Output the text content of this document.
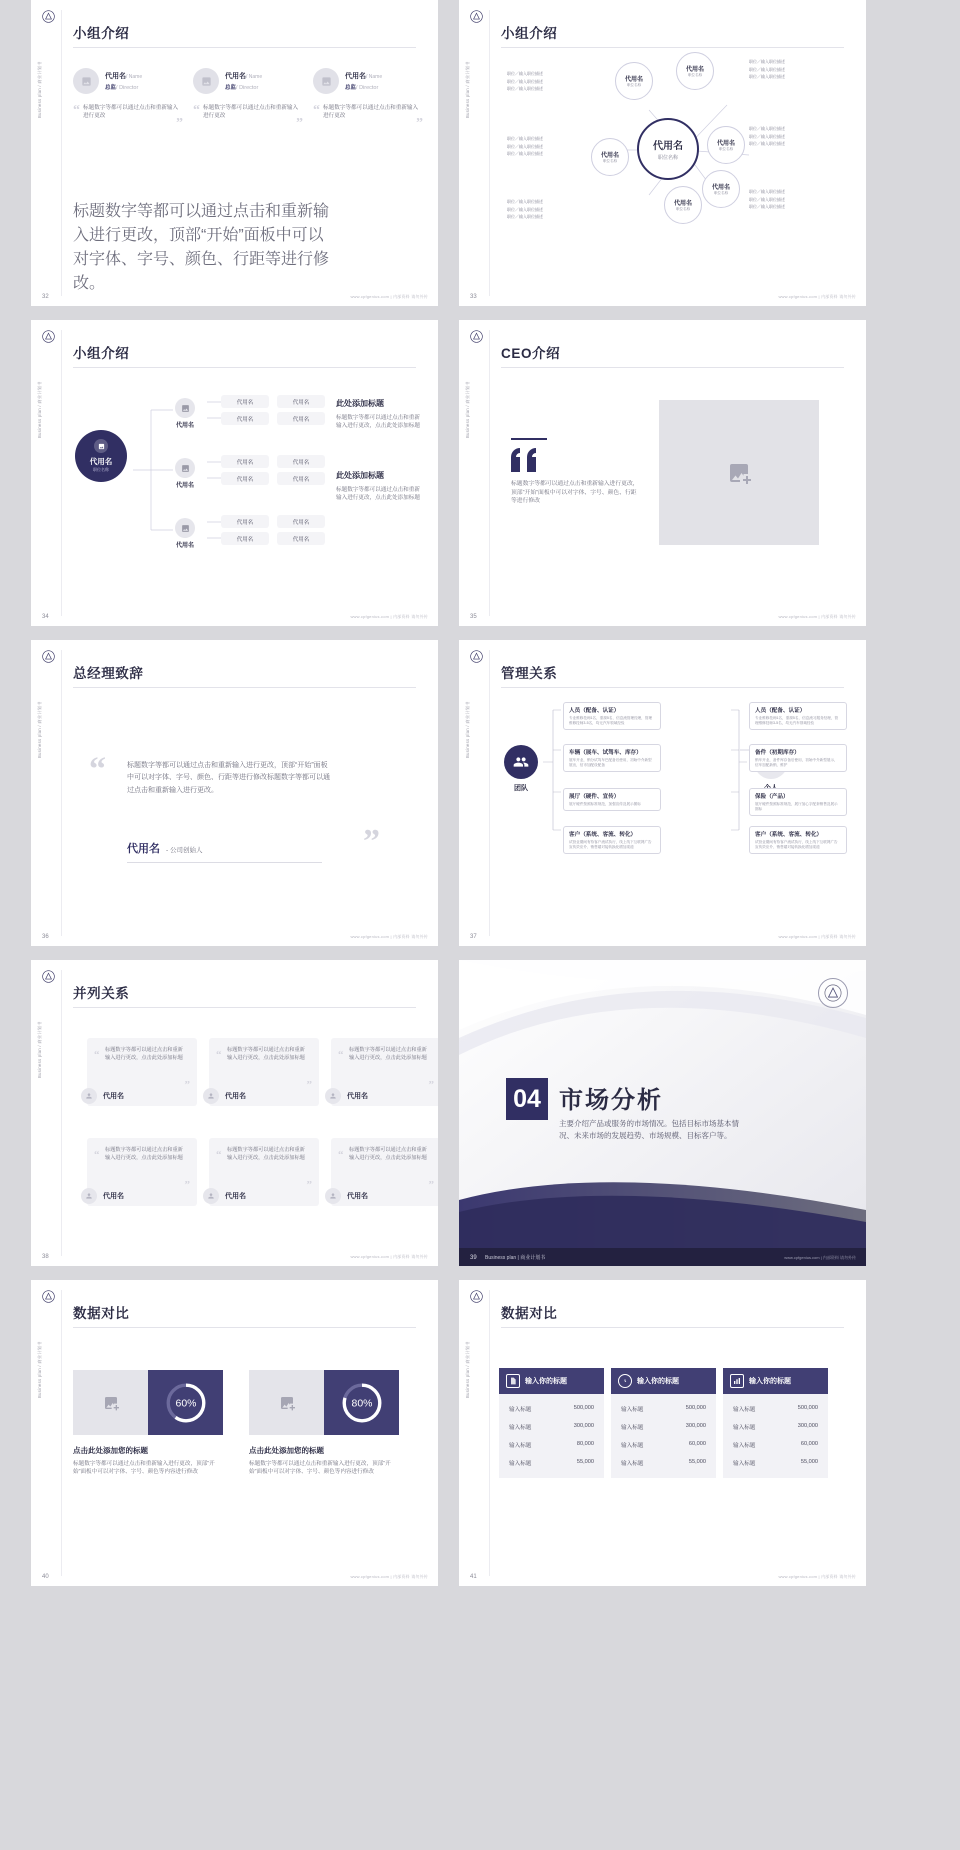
Business plan / 商业计划书
小组介绍
代用名/ Name
总监/ Director
“ 标题数字等都可以通过点击和重新输入进行更改	”
代用名/ Name
总监/ Director
“ 标题数字等都可以通过点击和重新输入进行更改	”
代用名/ Name
总监/ Director
“ 标题数字等都可以通过点击和重新输入进行更改	”
标题数字等都可以通过点击和重新输入进行更改，顶部“开始”面板中可以对字体、字号、颜色、行距等进行修改。
32	www.cpfgenius.com | 内部资料 请勿外传
Business plan / 商业计划书
小组介绍
代用名
职位名称
代用名
职位名称
代用名
职位名称
代用名
职位名称
代用名
职位名称
代用名
职位名称
代用名
职位名称
职位／输入职位描述
职位／输入职位描述
职位／输入职位描述
职位／输入职位描述
职位／输入职位描述
职位／输入职位描述
职位／输入职位描述
职位／输入职位描述
职位／输入职位描述
职位／输入职位描述
职位／输入职位描述
职位／输入职位描述
职位／输入职位描述
职位／输入职位描述
职位／输入职位描述
职位／输入职位描述
职位／输入职位描述
职位／输入职位描述
33	www.cpfgenius.com | 内部资料 请勿外传
Business plan / 商业计划书
小组介绍
代用名
职位名称
代用名
代用名	代用名
代用名	代用名
代用名
代用名	代用名
代用名	代用名
代用名
代用名	代用名
代用名	代用名
此处添加标题
标题数字等都可以通过点击和重新输入进行更改，点击此处添加标题
此处添加标题
标题数字等都可以通过点击和重新输入进行更改，点击此处添加标题
34	www.cpfgenius.com | 内部资料 请勿外传
Business plan / 商业计划书
CEO介绍
标题数字等都可以通过点击和重新输入进行更改，顶部“开始”面板中可以对字体、字号、颜色、行距等进行修改
35	www.cpfgenius.com | 内部资料 请勿外传
Business plan / 商业计划书
总经理致辞
“
”
标题数字等都可以通过点击和重新输入进行更改，顶部“开始”面板中可以对字体、字号、颜色、行距等进行修改标题数字等都可以通过点击和重新输入进行更改。
代用名 - 公司创始人
36	www.cpfgenius.com | 内部资料 请勿外传
Business plan / 商业计划书
管理关系
团队
人员（配备、认证）
专业维修技师1名，需源5名，信息流管理经理，管理维修技师3-5名，均无汽车领域经验
车辆（展车、试驾车、库存）
展车开业，销分试驾车巴配备后使用，初始中介新型展出，信市加配设配备
展厅（硬件、宣传）
展厅硬件按照标准规范，加强宣传及展示图标
客户（系统、客流、转化）
试营业期间有待客户流试执行，线上线下互联网广告宣传效应介、销售端对接转换化增加渠道
人员（配备、认证）
专业维修技师1名，需源5名，信息流习服务经理，管理维修技师3-5名，均无汽车领域经验
备件（初期库存）
销车开业，备件库存备后使用，初始中介新型展示，信车加配新销，维护
保险（产品）
展厅硬件按照标准规范，展厅加心字配套销售及展示图标
客户（系统、客流、转化）
试营业期间有待客户流试执行，线上线下互联网广告宣传效应介、销售端对接转换化增加渠道
37	www.cpfgenius.com | 内部资料 请勿外传
Business plan / 商业计划书
并列关系
标题数字等都可以通过点击和重新输入进行更改，点击此处添加标题
“
”
代用名
标题数字等都可以通过点击和重新输入进行更改，点击此处添加标题
“
”
代用名
标题数字等都可以通过点击和重新输入进行更改，点击此处添加标题
“
”
代用名
标题数字等都可以通过点击和重新输入进行更改，点击此处添加标题
“
”
代用名
标题数字等都可以通过点击和重新输入进行更改，点击此处添加标题
“
”
代用名
标题数字等都可以通过点击和重新输入进行更改，点击此处添加标题
“
”
代用名
38	www.cpfgenius.com | 内部资料 请勿外传
04 市场分析
主要介绍产品或服务的市场情况。包括目标市场基本情况、未来市场的发展趋势、市场规模、目标客户等。
39 Business plan | 商业计划书	www.cpfgenius.com | 内部资料 请勿外传
Business plan / 商业计划书
数据对比
60%
点击此处添加您的标题
标题数字等都可以通过点击和重新输入进行更改，顶部“开始”面板中可以对字体、字号、颜色等内容进行修改
80%
点击此处添加您的标题
标题数字等都可以通过点击和重新输入进行更改，顶部“开始”面板中可以对字体、字号、颜色等内容进行修改
40	www.cpfgenius.com | 内部资料 请勿外传
Business plan / 商业计划书
数据对比
输入你的标题
输入标题	500,000
输入标题	300,000
输入标题	80,000
输入标题	55,000
输入你的标题
输入标题	500,000
输入标题	300,000
输入标题	60,000
输入标题	55,000
输入你的标题
输入标题	500,000
输入标题	300,000
输入标题	60,000
输入标题	55,000
41	www.cpfgenius.com | 内部资料 请勿外传
